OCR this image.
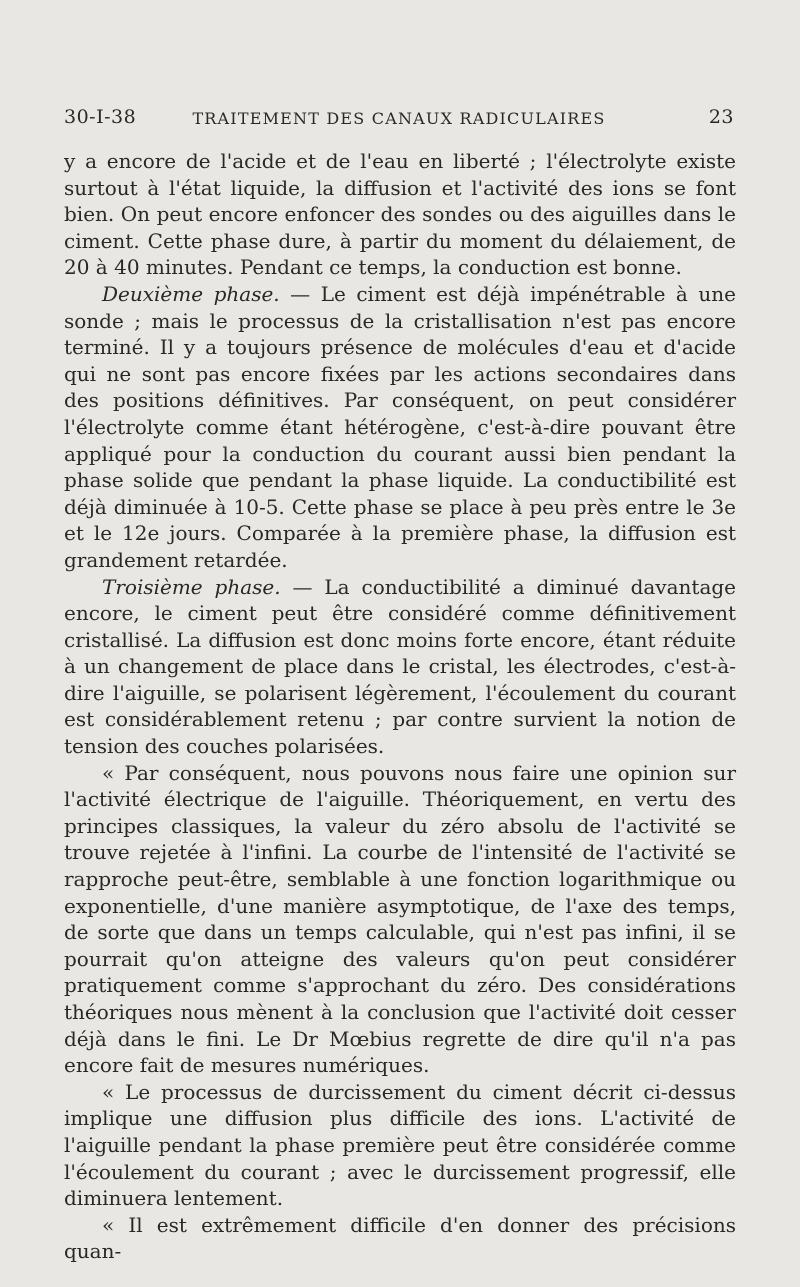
30-I-38	TRAITEMENT DES CANAUX RADICULAIRES	23

y a encore de l'acide et de l'eau en liberté ; l'électrolyte existe surtout à l'état liquide, la diffusion et l'activité des ions se font bien. On peut encore enfoncer des sondes ou des aiguilles dans le ciment. Cette phase dure, à partir du moment du délaiement, de 20 à 40 minutes. Pendant ce temps, la conduction est bonne.

Deuxième phase. — Le ciment est déjà impénétrable à une sonde ; mais le processus de la cristallisation n'est pas encore terminé. Il y a toujours présence de molécules d'eau et d'acide qui ne sont pas encore fixées par les actions secondaires dans des positions définitives. Par conséquent, on peut considérer l'électrolyte comme étant hétérogène, c'est-à-dire pouvant être appliqué pour la conduction du courant aussi bien pendant la phase solide que pendant la phase liquide. La conductibilité est déjà diminuée à 10-5. Cette phase se place à peu près entre le 3e et le 12e jours. Comparée à la première phase, la diffusion est grandement retardée.

Troisième phase. — La conductibilité a diminué davantage encore, le ciment peut être considéré comme définitivement cristallisé. La diffusion est donc moins forte encore, étant réduite à un changement de place dans le cristal, les électrodes, c'est-à-dire l'aiguille, se polarisent légèrement, l'écoulement du courant est considérablement retenu ; par contre survient la notion de tension des couches polarisées.

« Par conséquent, nous pouvons nous faire une opinion sur l'activité électrique de l'aiguille. Théoriquement, en vertu des principes classiques, la valeur du zéro absolu de l'activité se trouve rejetée à l'infini. La courbe de l'intensité de l'activité se rapproche peut-être, semblable à une fonction logarithmique ou exponentielle, d'une manière asymptotique, de l'axe des temps, de sorte que dans un temps calculable, qui n'est pas infini, il se pourrait qu'on atteigne des valeurs qu'on peut considérer pratiquement comme s'approchant du zéro. Des considérations théoriques nous mènent à la conclusion que l'activité doit cesser déjà dans le fini. Le Dr Mœbius regrette de dire qu'il n'a pas encore fait de mesures numériques.

« Le processus de durcissement du ciment décrit ci-dessus implique une diffusion plus difficile des ions. L'activité de l'aiguille pendant la phase première peut être considérée comme l'écoulement du courant ; avec le durcissement progressif, elle diminuera lentement.

« Il est extrêmement difficile d'en donner des précisions quan-
